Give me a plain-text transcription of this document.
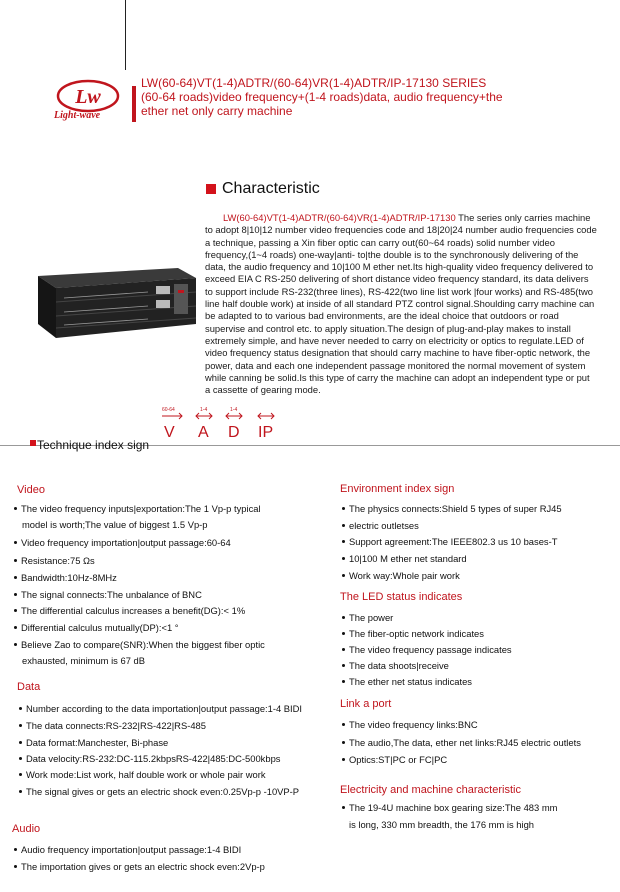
Lw
Light-wave
LW(60-64)VT(1-4)ADTR/(60-64)VR(1-4)ADTR/IP-17130 SERIES
(60-64 roads)video frequency+(1-4 roads)data, audio frequency+the
ether net only carry machine
Characteristic
LW(60-64)VT(1-4)ADTR/(60-64)VR(1-4)ADTR/IP-17130 The series only carries machine to adopt 8|10|12 number video frequencies code and 18|20|24 number audio frequencies code a technique, passing a Xin fiber optic can carry out(60~64 roads) solid number video frequency,(1~4 roads) one-way|anti- to|the double is to the synchronously delivering of the data, the audio frequency and 10|100 M ether net.Its high-quality video frequency delivered to exceed EIA C RS-250 delivering of short distance video frequency standard, its data delivers to support include RS-232(three lines), RS-422(two line list work |four works) and RS-485(two line half double work) at inside of all standard PTZ control signal.Shoulding carry machine can be adapted to to various bad environments, are the ideal choice that outdoors or road supervise and control etc. to apply situation.The design of plug-and-play makes to install extremely simple, and have never needed to carry on electricity or optics to regulate.LED of video frequency status designation that should carry machine to have fiber-optic network, the power, data and each one independent passage monitored the normal movement of system while canning be solid.Is this type of carry the machine can adopt an independent type or put a cassette of gearing mode.
60-64	1-4	1-4
V A D IP
Technique index sign
Video
The video frequency inputs|exportation:The 1 Vp-p typical
model is worth;The value of biggest 1.5 Vp-p
Video frequency importation|output passage:60-64
Resistance:75 Ωs
Bandwidth:10Hz-8MHz
The signal connects:The unbalance of BNC
The differential calculus increases a benefit(DG):< 1%
Differential calculus mutually(DP):<1 °
Believe Zao to compare(SNR):When the biggest fiber optic
exhausted, minimum is 67 dB
Data
Number according to the data importation|output passage:1-4 BIDI
The data connects:RS-232|RS-422|RS-485
Data format:Manchester, Bi-phase
Data velocity:RS-232:DC-115.2kbpsRS-422|485:DC-500kbps
Work mode:List work, half double work or whole pair work
The signal gives or gets an electric shock even:0.25Vp-p -10VP-P
Audio
Audio frequency importation|output passage:1-4 BIDI
The importation gives or gets an electric shock even:2Vp-p
Environment index sign
The physics connects:Shield 5 types of super RJ45
electric outletses
Support agreement:The IEEE802.3 us 10 bases-T
10|100 M ether net standard
Work way:Whole pair work
The LED status indicates
The power
The fiber-optic network indicates
The video frequency passage indicates
The data shoots|receive
The ether net status indicates
Link a port
The video frequency links:BNC
The audio,The data, ether net links:RJ45 electric outlets
Optics:ST|PC or FC|PC
Electricity and machine characteristic
The 19-4U machine box gearing size:The 483 mm
is long, 330 mm breadth, the 176 mm is high
